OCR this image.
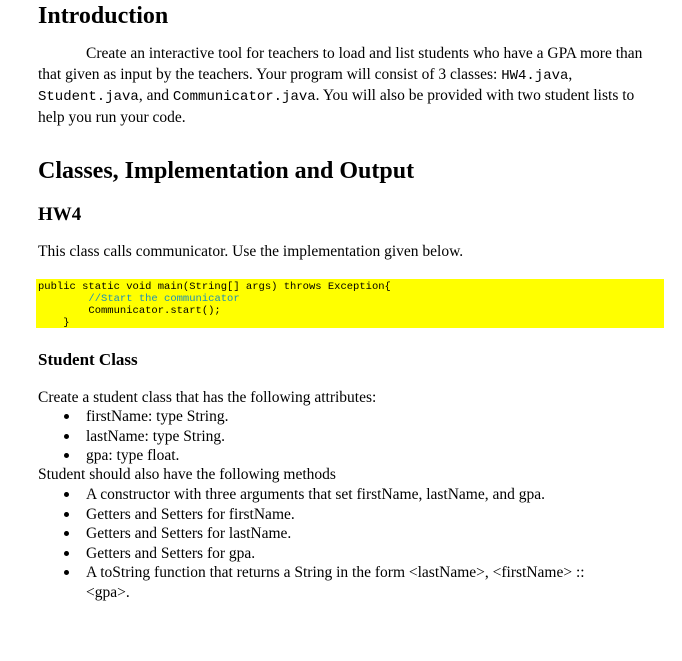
Introduction
Create an interactive tool for teachers to load and list students who have a GPA more than that given as input by the teachers. Your program will consist of 3 classes: HW4.java, Student.java, and Communicator.java. You will also be provided with two student lists to help you run your code.
Classes, Implementation and Output
HW4
This class calls communicator. Use the implementation given below.
public static void main(String[] args) throws Exception{
//Start the communicator
Communicator.start();
}
Student Class
Create a student class that has the following attributes:
firstName: type String.
lastName: type String.
gpa: type float.
Student should also have the following methods
A constructor with three arguments that set firstName, lastName, and gpa.
Getters and Setters for firstName.
Getters and Setters for lastName.
Getters and Setters for gpa.
A toString function that returns a String in the form <lastName>, <firstName> :: <gpa>.
